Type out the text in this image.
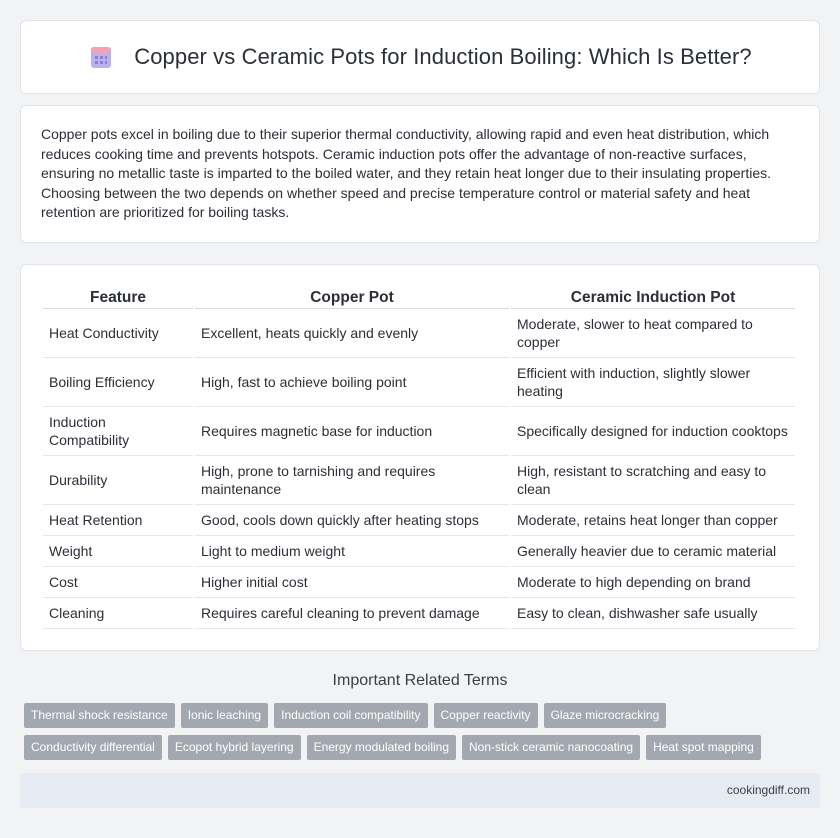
Copper vs Ceramic Pots for Induction Boiling: Which Is Better?

Copper pots excel in boiling due to their superior thermal conductivity, allowing rapid and even heat distribution, which reduces cooking time and prevents hotspots. Ceramic induction pots offer the advantage of non-reactive surfaces, ensuring no metallic taste is imparted to the boiled water, and they retain heat longer due to their insulating properties. Choosing between the two depends on whether speed and precise temperature control or material safety and heat retention are prioritized for boiling tasks.

Feature	Copper Pot	Ceramic Induction Pot
Heat Conductivity	Excellent, heats quickly and evenly	Moderate, slower to heat compared to copper
Boiling Efficiency	High, fast to achieve boiling point	Efficient with induction, slightly slower heating
Induction Compatibility	Requires magnetic base for induction	Specifically designed for induction cooktops
Durability	High, prone to tarnishing and requires maintenance	High, resistant to scratching and easy to clean
Heat Retention	Good, cools down quickly after heating stops	Moderate, retains heat longer than copper
Weight	Light to medium weight	Generally heavier due to ceramic material
Cost	Higher initial cost	Moderate to high depending on brand
Cleaning	Requires careful cleaning to prevent damage	Easy to clean, dishwasher safe usually
Important Related Terms
Thermal shock resistance	Ionic leaching	Induction coil compatibility	Copper reactivity	Glaze microcracking
Conductivity differential	Ecopot hybrid layering	Energy modulated boiling	Non-stick ceramic nanocoating	Heat spot mapping
cookingdiff.com
